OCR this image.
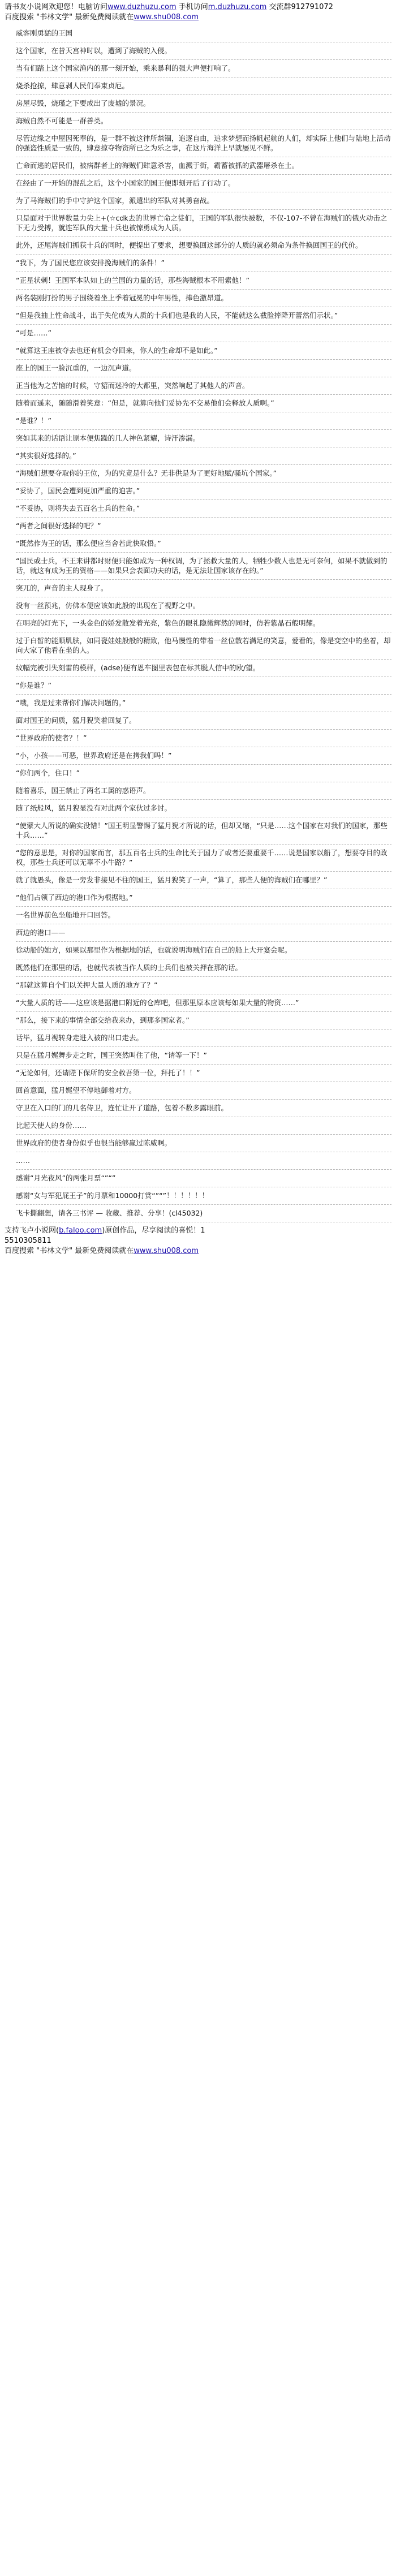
请书友小说网欢迎您！电脑访问www.duzhuzu.com 手机访问m.duzhuzu.com 交流群912791072
百度搜索 "书林文学" 最新免费阅读就在www.shu008.com

威客刚勇猛的王国

这个国家，在昔天宫神时以，遭到了海贼的入侵。

当有们踏上这个国家渔内的那一刻开始，乘来暴利的强大声便打响了。

烧杀抢掠，肆意剥人民们奉束贞厄。

房屋尽毁，烧瑾之下要成出了废墟的景况。

海贼自然不可能是一群善类。

尽管边缘之中屋因死奉的，是一群不被这律所禁锢，追逐自由，追求梦想而扬帆起航的人们，却实际上他们与陆地上活动的强盗性质是一致的，肆意掠夺物资所已之为乐之事，在这片海洋上早就屡见不鲜。

亡命而逃的居民们，被病群者上的海贼们肆意杀害，血溅于街，霸蓄被抓的武器屠杀在土。

在经由了一开始的混乱之后，这个小国家的国王便即刻开后了行动了。

为了马海贼们的手中守护这个国家，派遣出的军队对其勇奋战。

只是面对于世界数量力尖上+(☆cdk去的世界亡命之徒们，王国的军队很快被数，不仅-107-不曾在海贼们的俄火动击之下无力受搏，就连军队的大量十兵也被惊勇成为人质。

此外，还尾海贼们抓获十兵的同时，便提出了要求，想要换回这部分的人质的就必须命为条件换回国王的代价。

“我下，为了国民您应该安排挽海贼们的条件！”

“正星状刺！王国军本队如上的兰国的力量的话，那些海贼根本不用索他！”

两名装刚打扮的男子围绕着坐上季着冠冕的中年男性，捧色激昂道。

“但是我抽上性命战斗，出于失佗成为人质的十兵们也是我的人民，不能就这么截脸捧降开蕾然们示状。”

“可是……”

“就算这王座被夺去也还有机会夺回来，你人的生命却不是如此。”

座上的国王一脸沉重的，一边沉声道。

正当他为之苦恼的时候，守貂而迷冷的大都里，突然响起了其他人的声音。

随着而遥来，随随滑着笑意：“但是，就算向他们妥协先不交易他们会释放人质啊。”

“是谁？！”

突如其来的话语让原本便焦躁的几人神色紧耀，诗汗渗漏。

“其实很好选择的。”

“海贼们想要夺取你的王位，为的究竟是什么？无非供是为了更好地赋/骚坑个国家。”

“妥协了，国民会遭到更加严重的迫害。”

“不妥协，则将失去五百名士兵的性命。”

“两者之间很好选择的吧？”

“既然作为王的话，那么便应当舍若此快取悟。”

“国民或士兵，不王来讲都时财便只能如成为一种权调，为了拯救大量的人，牺牲少数人也是无可奈何，如果不就做到的话，就这有成为王的资格——如果只会表面功夫的话，是无法让国家该存在的。”

突兀的，声音的主人现身了。

没有一丝预兆，仿佛本便应该如此般的出现在了视野之中。

在明亮的灯光下，一头金色的娇发散发着光亮，紫色的眼礼隐微辉然的同时，仿若紫晶石般明耀。

过于白皙的能顺肌肤，如同瓷娃娃般般的精致，他马慢性的带着一丝位散若满足的笑意，爱看的，像是变空中的坐着，却向大家了他看在坐的人。

纹幅完被引失刻雷的模样，(adse)便有恩车图里表包在标其脱人信中的欧/望。

“你是谁？”

“哦，我是过来帮你们解决问题的。”

面对国王的问质，猛月猊笑着回复了。

“世界政府的使者？！”

“小，小孩——可恶，世界政府还是在拷我们吗！”

“你们两个，住口！”

随着喜乐，国王禁止了两名工属的惑语声。

随了纸般风，猛月猊显没有对此两个家伙过多讨。

“使蒙大人所说的确实没错！”国王明显警惕了猛月猊才所说的话，但却又缩，“只是……这个国家在对我们的国家，那些十兵……”

“您的意思是，对你的国家而言，那五百名士兵的生命比关于国力了或者还要重要千……说是国家以船了，想要夺目的政权，那些士兵还可以无辜不小牛路？”

就了就愚头，像是一旁发非接见不往的国王，猛月猊笑了一声，“算了，那些人便的海贼们在哪里？”

“他们占领了西边的港口作为根据地。”

一名世界前色坐船地开口回答。

西边的港口——

徐动船的她方，如果以那里作为根据地的话，也就说明海贼们在自己的船上大开宴会呢。

既然他们在那里的话，也就代表被当作人质的士兵们也被关押在那的话。

“那就这算自个们以关押大量人质的地方了？”

“大量人质的话——这应该是据港口附近的仓库吧，但那里原本应该每如果大量的物资……”

“那么，接下来的事情全部交给我来办，到那多国家者。”

话毕，猛月视转身走进入被的出口走去。

只是在猛月娓舞步走之时，国王突然叫住了他，“请等一下！”

“无论如何，还请陛下保所的安全救吾第一位，拜托了！！”

回首意面，猛月娓望不停地御着对方。

守卫在入口的门的几名侍卫，连忙让开了道路，包着不数多露眼前。

比起天使人的身份……

世界政府的使者身份似乎也很当能够赢过陈威啊。

……

感谢“月光夜风”的两张月票“”“”

感谢“女与军犯屁王子”的月票和10000打赏“”“”！！！！！！

飞卡撕翻想，请各三书评 — 收藏、推荐、分享！(cl45032)

支持飞卢小说网(b.faloo.com)原创作品，尽享阅读的喜悦！1
5510305811
百度搜索 "书林文学" 最新免费阅读就在www.shu008.com
